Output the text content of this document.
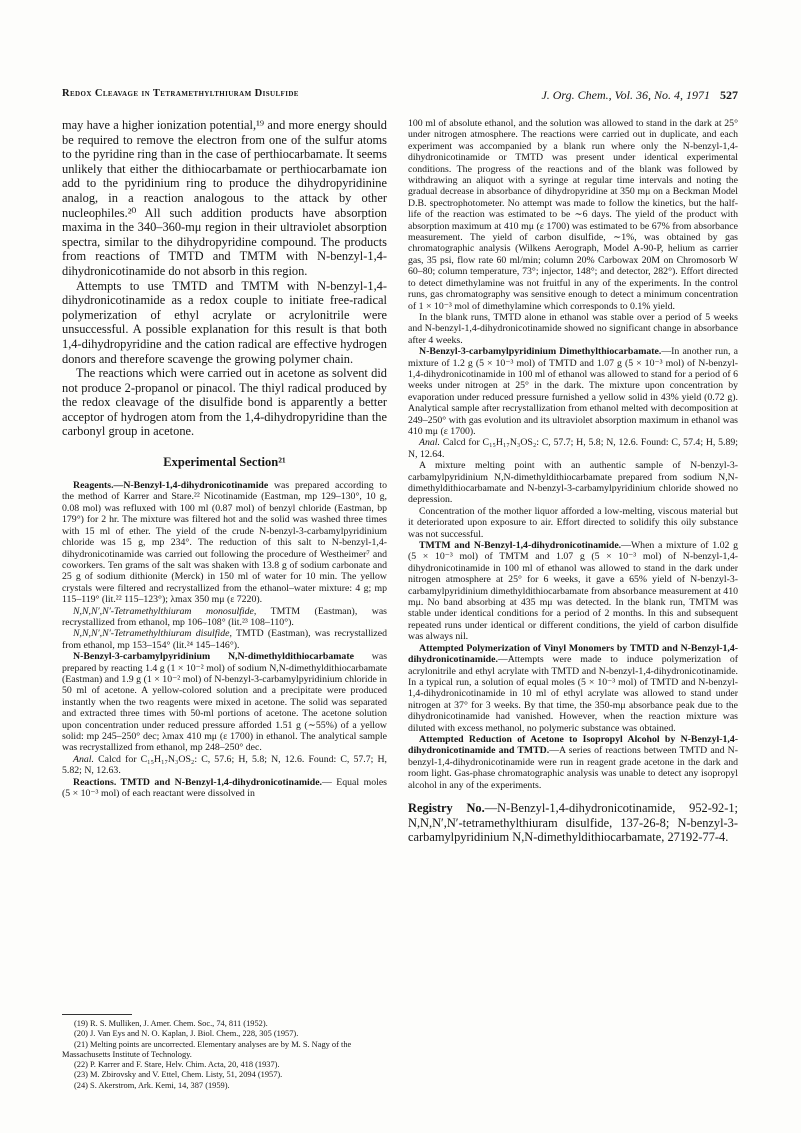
Redox Cleavage in Tetramethylthiuram Disulfide	J. Org. Chem., Vol. 36, No. 4, 1971 527

may have a higher ionization potential,¹⁹ and more energy should be required to remove the electron from one of the sulfur atoms to the pyridine ring than in the case of perthiocarbamate. It seems unlikely that either the dithiocarbamate or perthiocarbamate ion add to the pyridinium ring to produce the dihydropyridinine analog, in a reaction analogous to the attack by other nucleophiles.²⁰ All such addition products have absorption maxima in the 340–360-mμ region in their ultraviolet absorption spectra, similar to the dihydropyridine compound. The products from reactions of TMTD and TMTM with N-benzyl-1,4-dihydronicotinamide do not absorb in this region.

Attempts to use TMTD and TMTM with N-benzyl-1,4-dihydronicotinamide as a redox couple to initiate free-radical polymerization of ethyl acrylate or acrylonitrile were unsuccessful. A possible explanation for this result is that both 1,4-dihydropyridine and the cation radical are effective hydrogen donors and therefore scavenge the growing polymer chain.

The reactions which were carried out in acetone as solvent did not produce 2-propanol or pinacol. The thiyl radical produced by the redox cleavage of the disulfide bond is apparently a better acceptor of hydrogen atom from the 1,4-dihydropyridine than the carbonyl group in acetone.

Experimental Section²¹

Reagents.—N-Benzyl-1,4-dihydronicotinamide was prepared according to the method of Karrer and Stare.²² Nicotinamide (Eastman, mp 129–130°, 10 g, 0.08 mol) was refluxed with 100 ml (0.87 mol) of benzyl chloride (Eastman, bp 179°) for 2 hr. The mixture was filtered hot and the solid was washed three times with 15 ml of ether. The yield of the crude N-benzyl-3-carbamylpyridinium chloride was 15 g, mp 234°. The reduction of this salt to N-benzyl-1,4-dihydronicotinamide was carried out following the procedure of Westheimer⁷ and coworkers. Ten grams of the salt was shaken with 13.8 g of sodium carbonate and 25 g of sodium dithionite (Merck) in 150 ml of water for 10 min. The yellow crystals were filtered and recrystallized from the ethanol–water mixture: 4 g; mp 115–119° (lit.²² 115–123°); λmax 350 mμ (ε 7220).

N,N,N′,N′-Tetramethylthiuram monosulfide, TMTM (Eastman), was recrystallized from ethanol, mp 106–108° (lit.²³ 108–110°).

N,N,N′,N′-Tetramethylthiuram disulfide, TMTD (Eastman), was recrystallized from ethanol, mp 153–154° (lit.²⁴ 145–146°).

N-Benzyl-3-carbamylpyridinium N,N-dimethyldithiocarbamate was prepared by reacting 1.4 g (1 × 10⁻² mol) of sodium N,N-dimethyldithiocarbamate (Eastman) and 1.9 g (1 × 10⁻² mol) of N-benzyl-3-carbamylpyridinium chloride in 50 ml of acetone. A yellow-colored solution and a precipitate were produced instantly when the two reagents were mixed in acetone. The solid was separated and extracted three times with 50-ml portions of acetone. The acetone solution upon concentration under reduced pressure afforded 1.51 g (∼55%) of a yellow solid: mp 245–250° dec; λmax 410 mμ (ε 1700) in ethanol. The analytical sample was recrystallized from ethanol, mp 248–250° dec.

Anal. Calcd for C₁₅H₁₇N₃OS₂: C, 57.6; H, 5.8; N, 12.6. Found: C, 57.7; H, 5.82; N, 12.63.

Reactions. TMTD and N-Benzyl-1,4-dihydronicotinamide.— Equal moles (5 × 10⁻³ mol) of each reactant were dissolved in

(19) R. S. Mulliken, J. Amer. Chem. Soc., 74, 811 (1952).
(20) J. Van Eys and N. O. Kaplan, J. Biol. Chem., 228, 305 (1957).
(21) Melting points are uncorrected. Elementary analyses are by M. S. Nagy of the Massachusetts Institute of Technology.
(22) P. Karrer and F. Stare, Helv. Chim. Acta, 20, 418 (1937).
(23) M. Zbirovsky and V. Ettel, Chem. Listy, 51, 2094 (1957).
(24) S. Akerstrom, Ark. Kemi, 14, 387 (1959).

100 ml of absolute ethanol, and the solution was allowed to stand in the dark at 25° under nitrogen atmosphere. The reactions were carried out in duplicate, and each experiment was accompanied by a blank run where only the N-benzyl-1,4-dihydronicotinamide or TMTD was present under identical experimental conditions. The progress of the reactions and of the blank was followed by withdrawing an aliquot with a syringe at regular time intervals and noting the gradual decrease in absorbance of dihydropyridine at 350 mμ on a Beckman Model D.B. spectrophotometer. No attempt was made to follow the kinetics, but the half-life of the reaction was estimated to be ∼6 days. The yield of the product with absorption maximum at 410 mμ (ε 1700) was estimated to be 67% from absorbance measurement. The yield of carbon disulfide, ∼1%, was obtained by gas chromatographic analysis (Wilkens Aerograph, Model A-90-P, helium as carrier gas, 35 psi, flow rate 60 ml/min; column 20% Carbowax 20M on Chromosorb W 60–80; column temperature, 73°; injector, 148°; and detector, 282°). Effort directed to detect dimethylamine was not fruitful in any of the experiments. In the control runs, gas chromatography was sensitive enough to detect a minimum concentration of 1 × 10⁻³ mol of dimethylamine which corresponds to 0.1% yield.

In the blank runs, TMTD alone in ethanol was stable over a period of 5 weeks and N-benzyl-1,4-dihydronicotinamide showed no significant change in absorbance after 4 weeks.

N-Benzyl-3-carbamylpyridinium Dimethylthiocarbamate.—In another run, a mixture of 1.2 g (5 × 10⁻³ mol) of TMTD and 1.07 g (5 × 10⁻³ mol) of N-benzyl-1,4-dihydronicotinamide in 100 ml of ethanol was allowed to stand for a period of 6 weeks under nitrogen at 25° in the dark. The mixture upon concentration by evaporation under reduced pressure furnished a yellow solid in 43% yield (0.72 g). Analytical sample after recrystallization from ethanol melted with decomposition at 249–250° with gas evolution and its ultraviolet absorption maximum in ethanol was 410 mμ (ε 1700).

Anal. Calcd for C₁₅H₁₇N₃OS₂: C, 57.7; H, 5.8; N, 12.6. Found: C, 57.4; H, 5.89; N, 12.64.

A mixture melting point with an authentic sample of N-benzyl-3-carbamylpyridinium N,N-dimethyldithiocarbamate prepared from sodium N,N-dimethyldithiocarbamate and N-benzyl-3-carbamylpyridinium chloride showed no depression.

Concentration of the mother liquor afforded a low-melting, viscous material but it deteriorated upon exposure to air. Effort directed to solidify this oily substance was not successful.

TMTM and N-Benzyl-1,4-dihydronicotinamide.—When a mixture of 1.02 g (5 × 10⁻³ mol) of TMTM and 1.07 g (5 × 10⁻³ mol) of N-benzyl-1,4-dihydronicotinamide in 100 ml of ethanol was allowed to stand in the dark under nitrogen atmosphere at 25° for 6 weeks, it gave a 65% yield of N-benzyl-3-carbamylpyridinium dimethyldithiocarbamate from absorbance measurement at 410 mμ. No band absorbing at 435 mμ was detected. In the blank run, TMTM was stable under identical conditions for a period of 2 months. In this and subsequent repeated runs under identical or different conditions, the yield of carbon disulfide was always nil.

Attempted Polymerization of Vinyl Monomers by TMTD and N-Benzyl-1,4-dihydronicotinamide.—Attempts were made to induce polymerization of acrylonitrile and ethyl acrylate with TMTD and N-benzyl-1,4-dihydronicotinamide. In a typical run, a solution of equal moles (5 × 10⁻³ mol) of TMTD and N-benzyl-1,4-dihydronicotinamide in 10 ml of ethyl acrylate was allowed to stand under nitrogen at 37° for 3 weeks. By that time, the 350-mμ absorbance peak due to the dihydronicotinamide had vanished. However, when the reaction mixture was diluted with excess methanol, no polymeric substance was obtained.

Attempted Reduction of Acetone to Isopropyl Alcohol by N-Benzyl-1,4-dihydronicotinamide and TMTD.—A series of reactions between TMTD and N-benzyl-1,4-dihydronicotinamide were run in reagent grade acetone in the dark and room light. Gas-phase chromatographic analysis was unable to detect any isopropyl alcohol in any of the experiments.

Registry No.—N-Benzyl-1,4-dihydronicotinamide, 952-92-1; N,N,N′,N′-tetramethylthiuram disulfide, 137-26-8; N-benzyl-3-carbamylpyridinium N,N-dimethyldithiocarbamate, 27192-77-4.
